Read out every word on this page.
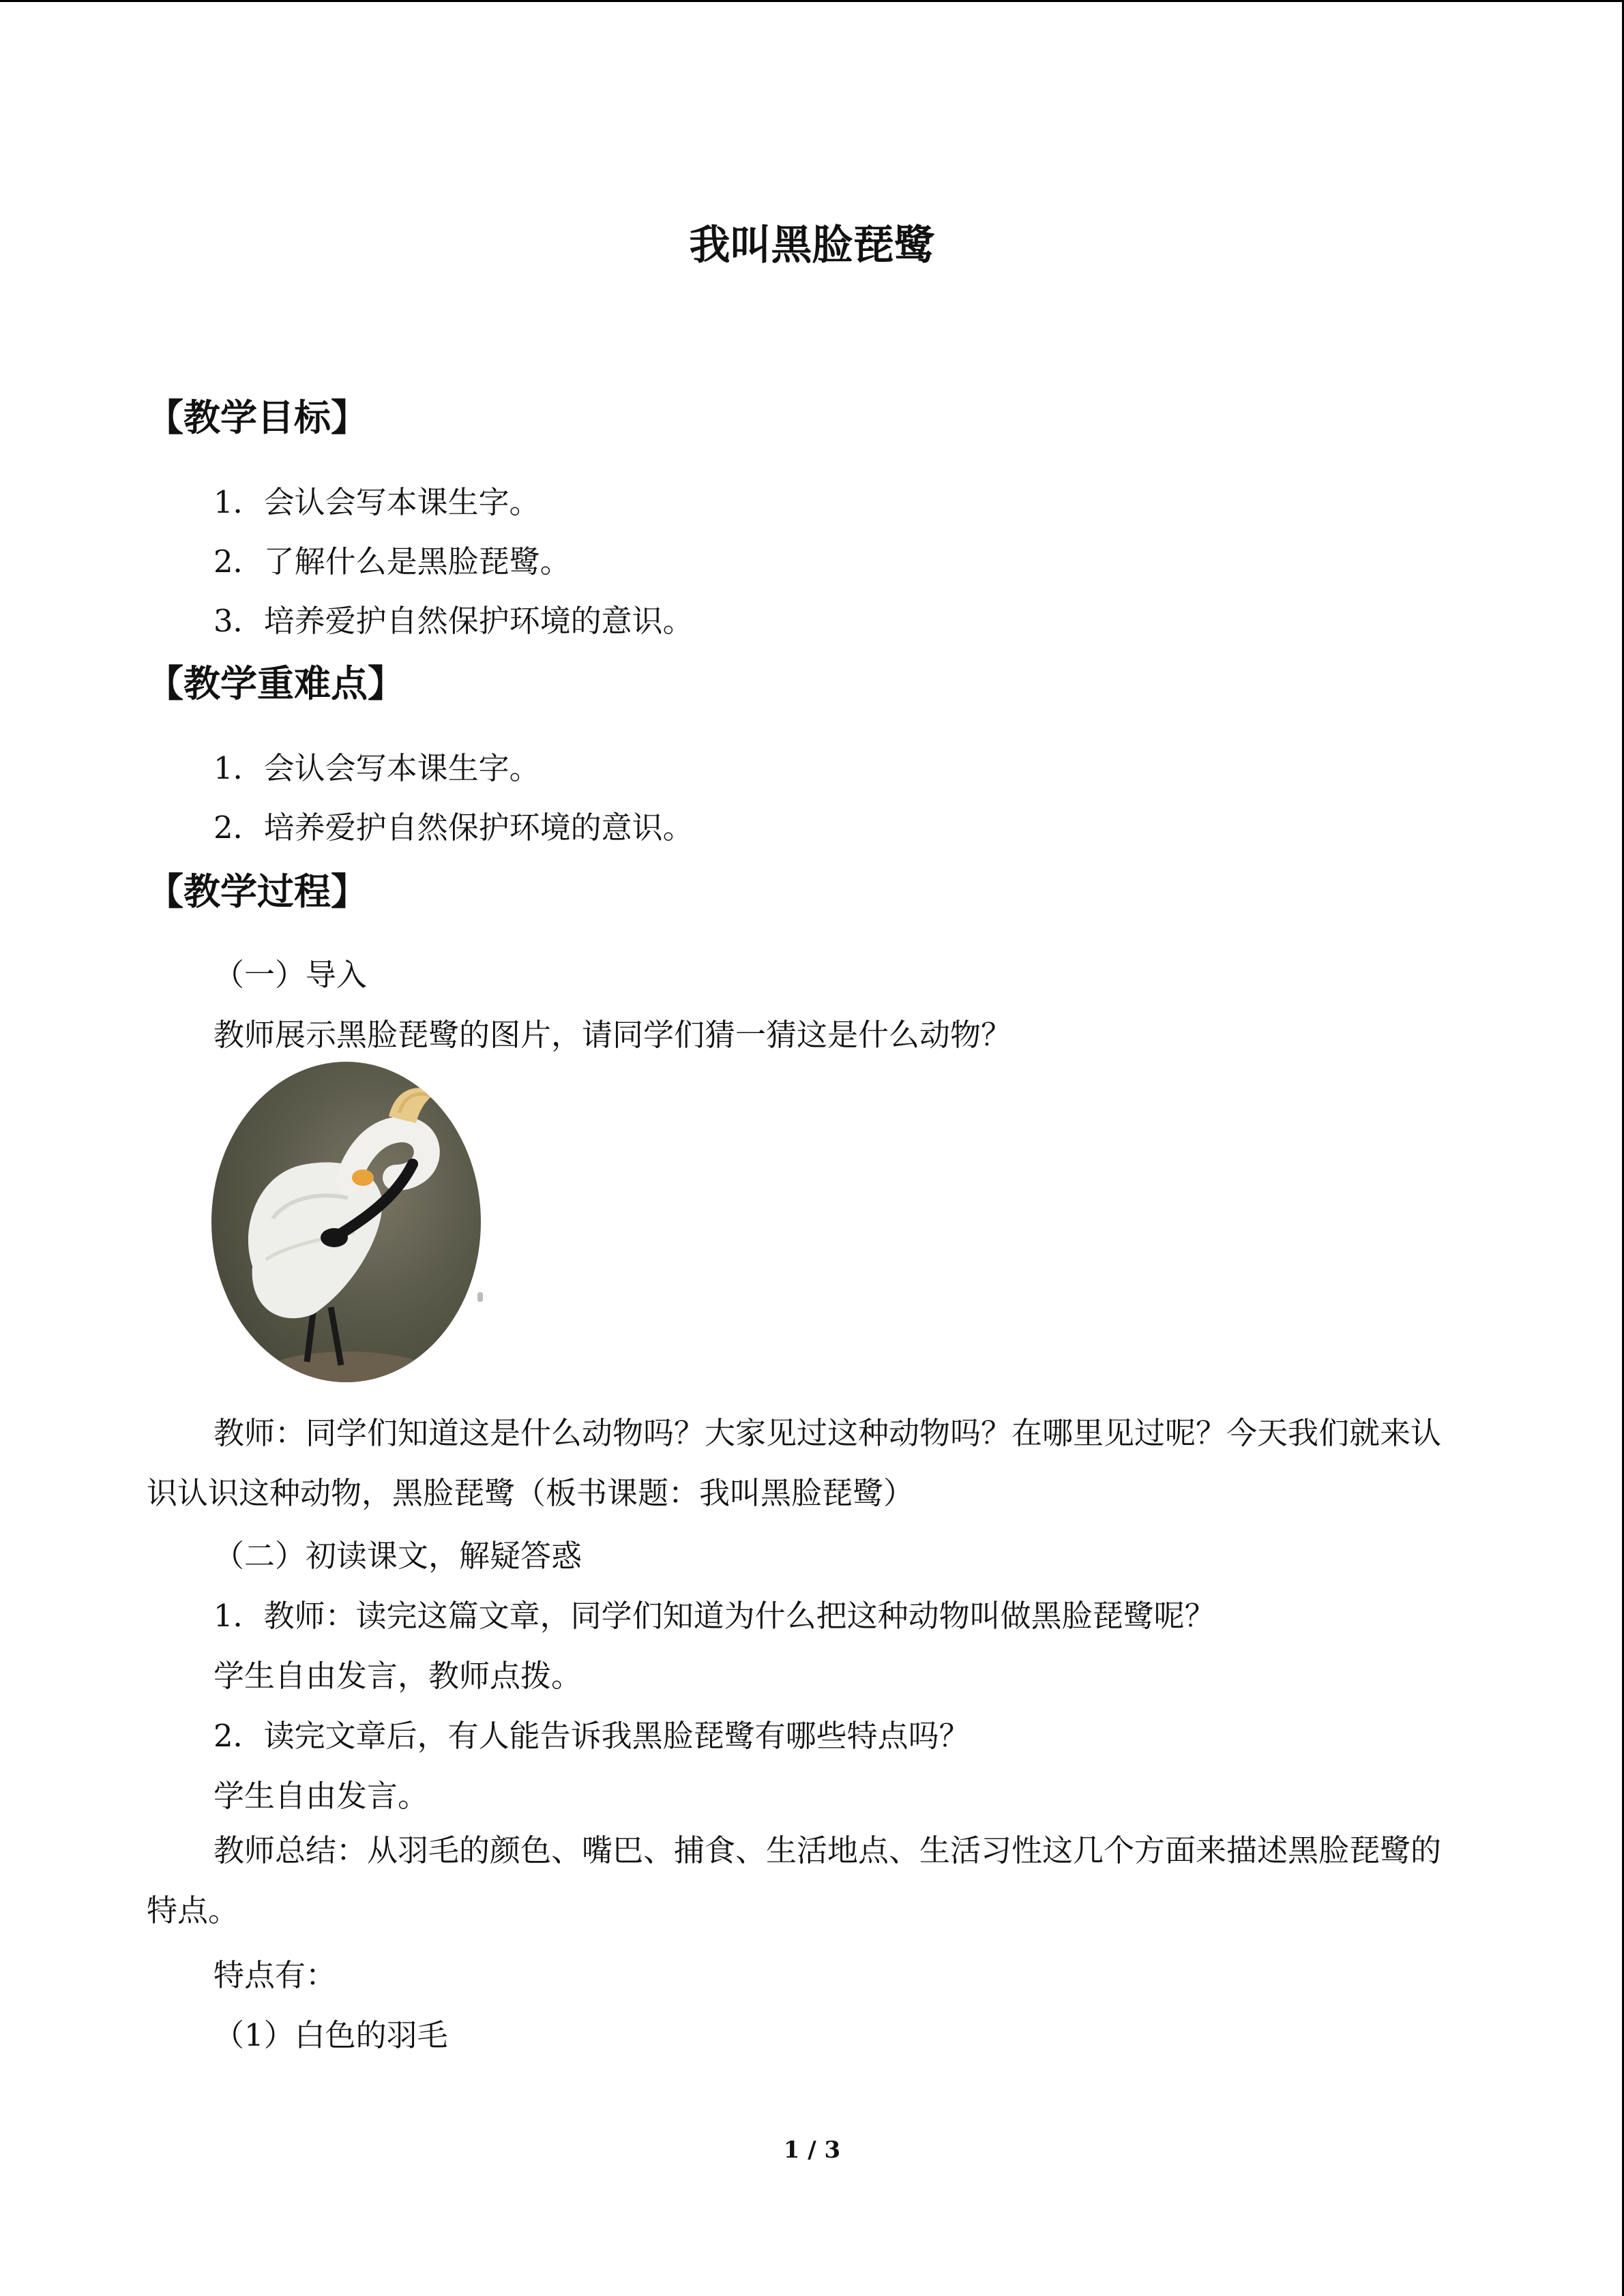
我叫黑脸琵鹭
【教学目标】
1．会认会写本课生字。
2．了解什么是黑脸琵鹭。
3．培养爱护自然保护环境的意识。
【教学重难点】
1．会认会写本课生字。
2．培养爱护自然保护环境的意识。
【教学过程】
（一）导入
教师展示黑脸琵鹭的图片，请同学们猜一猜这是什么动物？
教师：同学们知道这是什么动物吗？大家见过这种动物吗？在哪里见过呢？今天我们就来认识认识这种动物，黑脸琵鹭（板书课题：我叫黑脸琵鹭）
（二）初读课文，解疑答惑
1．教师：读完这篇文章，同学们知道为什么把这种动物叫做黑脸琵鹭呢？
学生自由发言，教师点拨。
2．读完文章后，有人能告诉我黑脸琵鹭有哪些特点吗？
学生自由发言。
教师总结：从羽毛的颜色、嘴巴、捕食、生活地点、生活习性这几个方面来描述黑脸琵鹭的特点。
特点有：
（1）白色的羽毛
1 / 3
